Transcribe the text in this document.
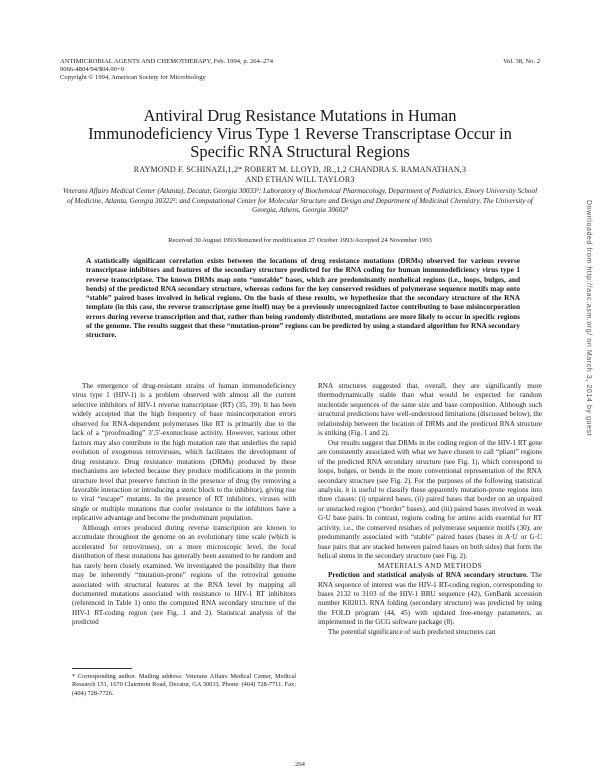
ANTIMICROBIAL AGENTS AND CHEMOTHERAPY, Feb. 1994, p. 264–274
0066-4804/94/$04.00+0
Copyright © 1994, American Society for Microbiology
Vol. 38, No. 2
Antiviral Drug Resistance Mutations in Human Immunodeficiency Virus Type 1 Reverse Transcriptase Occur in Specific RNA Structural Regions
RAYMOND F. SCHINAZI,1,2* ROBERT M. LLOYD, JR.,1,2 CHANDRA S. RAMANATHAN,3
AND ETHAN WILL TAYLOR3
Veterans Affairs Medical Center (Atlanta), Decatur, Georgia 30033¹; Laboratory of Biochemical Pharmacology, Department of Pediatrics, Emory University School of Medicine, Atlanta, Georgia 30322²; and Computational Center for Molecular Structure and Design and Department of Medicinal Chemistry, The University of Georgia, Athens, Georgia 30602³
Received 30 August 1993/Returned for modification 27 October 1993/Accepted 24 November 1993
A statistically significant correlation exists between the locations of drug resistance mutations (DRMs) observed for various reverse transcriptase inhibitors and features of the secondary structure predicted for the RNA coding for human immunodeficiency virus type 1 reverse transcriptase. The known DRMs map onto “unstable” bases, which are predominantly nonhelical regions (i.e., loops, bulges, and bends) of the predicted RNA secondary structure, whereas codons for the key conserved residues of polymerase sequence motifs map onto “stable” paired bases involved in helical regions. On the basis of these results, we hypothesize that the secondary structure of the RNA template (in this case, the reverse transcriptase gene itself) may be a previously unrecognized factor contributing to base misincorporation errors during reverse transcription and that, rather than being randomly distributed, mutations are more likely to occur in specific regions of the genome. The results suggest that these “mutation-prone” regions can be predicted by using a standard algorithm for RNA secondary structure.

The emergence of drug-resistant strains of human immunodeficiency virus type 1 (HIV-1) is a problem observed with almost all the current selective inhibitors of HIV-1 reverse transcriptase (RT) (35, 39). It has been widely accepted that the high frequency of base misincorporation errors observed for RNA-dependent polymerases like RT is primarily due to the lack of a “proofreading” 3′,5′-exonuclease activity. However, various other factors may also contribute to the high mutation rate that underlies the rapid evolution of exogenous retroviruses, which facilitates the development of drug resistance. Drug resistance mutations (DRMs) produced by these mechanisms are selected because they produce modifications in the protein structure level that preserve function in the presence of drug (by removing a favorable interaction or introducing a steric block to the inhibitor), giving rise to viral “escape” mutants. In the presence of RT inhibitors, viruses with single or multiple mutations that confer resistance to the inhibitors have a replicative advantage and become the predominant population.

Although errors produced during reverse transcription are known to accumulate throughout the genome on an evolutionary time scale (which is accelerated for retroviruses), on a more microscopic level, the local distribution of these mutations has generally been assumed to be random and has rarely been closely examined. We investigated the possibility that there may be inherently “mutation-prone” regions of the retroviral genome associated with structural features at the RNA level by mapping all documented mutations associated with resistance to HIV-1 RT inhibitors (referenced in Table 1) onto the computed RNA secondary structure of the HIV-1 RT-coding region (see Fig. 1 and 2). Statistical analysis of the predicted

* Corresponding author. Mailing address: Veterans Affairs Medical Center, Medical Research 151, 1670 Clairmont Road, Decatur, GA 30033. Phone: (404) 728-7711. Fax: (404) 728-7726.

RNA structures suggested that, overall, they are significantly more thermodynamically stable than what would be expected for random nucleotide sequences of the same size and base composition. Although such structural predictions have well-understood limitations (discussed below), the relationship between the location of DRMs and the predicted RNA structure is striking (Fig. 1 and 2).

Our results suggest that DRMs in the coding region of the HIV-1 RT gene are consistently associated with what we have chosen to call “pliant” regions of the predicted RNA secondary structure (see Fig. 1), which correspond to loops, bulges, or bends in the more conventional representation of the RNA secondary structure (see Fig. 2). For the purposes of the following statistical analysis, it is useful to classify these apparently mutation-prone regions into three classes: (i) unpaired bases, (ii) paired bases that border on an unpaired or unstacked region (“border” bases), and (iii) paired bases involved in weak G·U base pairs. In contrast, regions coding for amino acids essential for RT activity, i.e., the conserved residues of polymerase sequence motifs (30), are predominantly associated with “stable” paired bases (bases in A·U or G·C base pairs that are stacked between paired bases on both sides) that form the helical stems in the secondary structure (see Fig. 2).

MATERIALS AND METHODS

Prediction and statistical analysis of RNA secondary structure. The RNA sequence of interest was the HIV-1 RT-coding region, corresponding to bases 2132 to 3103 of the HIV-1 BRU sequence (42), GenBank accession number K02013. RNA folding (secondary structure) was predicted by using the FOLD program (44, 45) with updated free-energy parameters, as implemented in the GCG software package (8).

The potential significance of such predicted structures can

264
Downloaded from http://aac.asm.org/ on March 3, 2014 by guest
